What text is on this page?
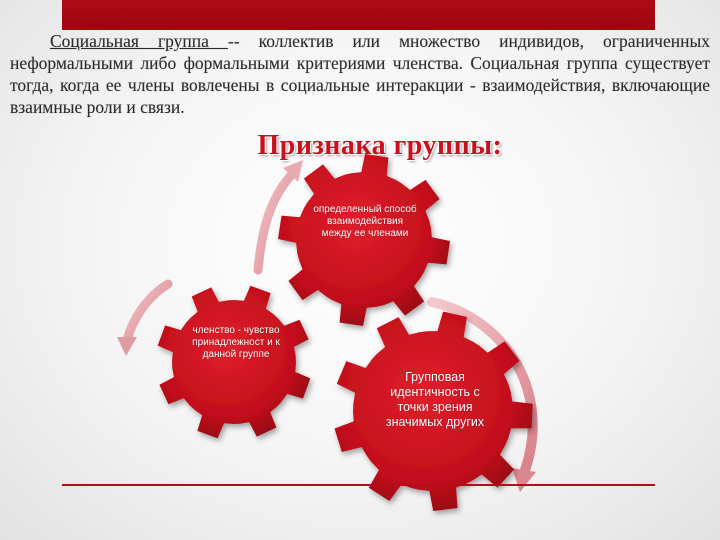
Социальная группа -- коллектив или множество индивидов, ограниченных неформальными либо формальными критериями членства. Социальная группа существует тогда, когда ее члены вовлечены в социальные интеракции - взаимодействия, включающие взаимные роли и связи.
Признака группы:
определенный способ взаимодействия между ее членами
членство - чувство принадлежност и к данной группе
Групповая идентичность с точки зрения значимых других
